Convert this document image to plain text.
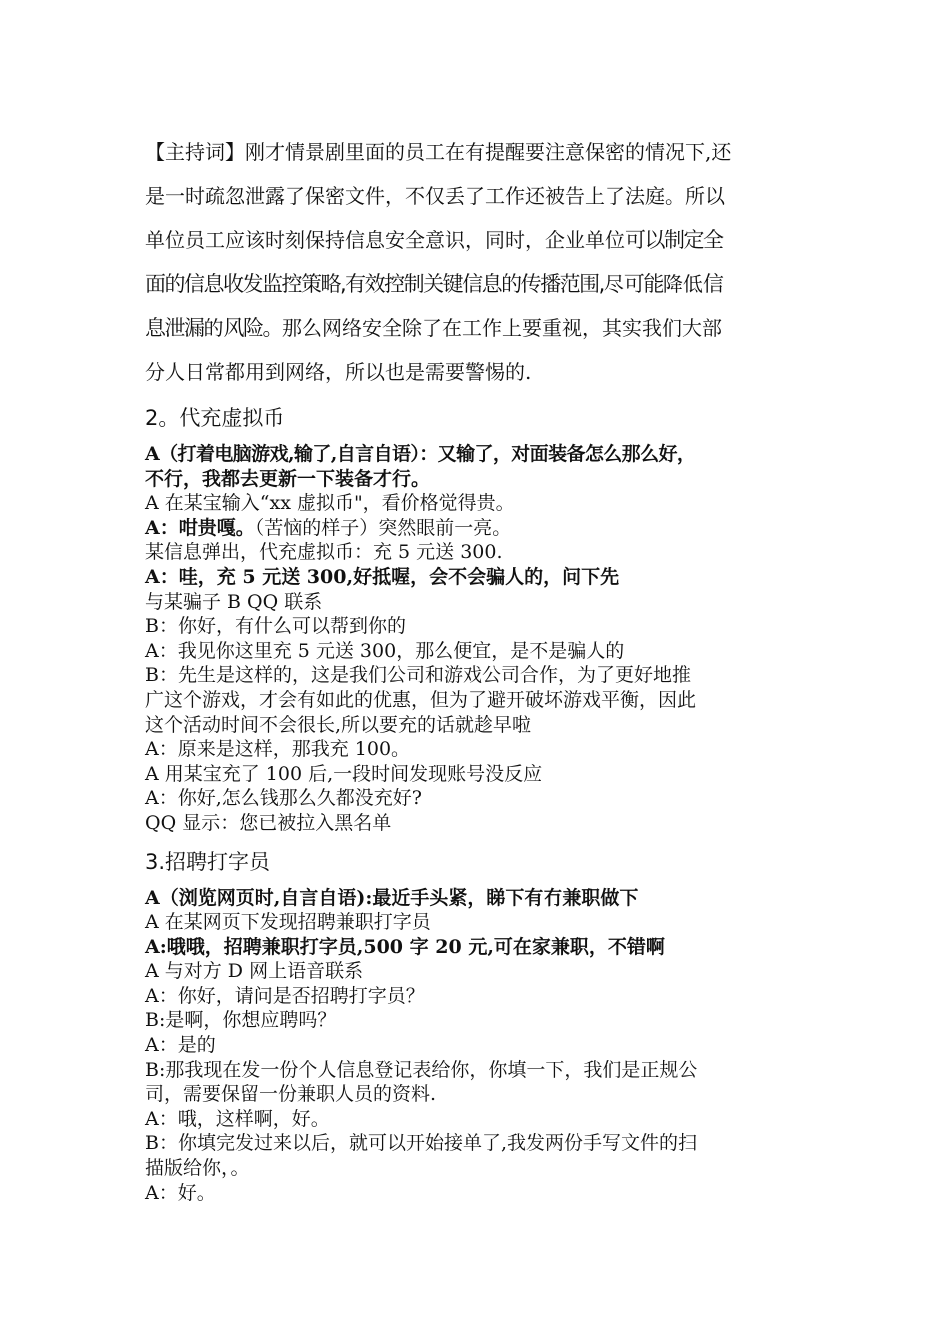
【主持词】刚才情景剧里面的员工在有提醒要注意保密的情况下,还

是一时疏忽泄露了保密文件，不仅丢了工作还被告上了法庭。所以

单位员工应该时刻保持信息安全意识，同时，企业单位可以制定全

面的信息收发监控策略,有效控制关键信息的传播范围,尽可能降低信

息泄漏的风险。那么网络安全除了在工作上要重视，其实我们大部

分人日常都用到网络，所以也是需要警惕的.

2。代充虚拟币

A（打着电脑游戏,输了,自言自语）：又输了，对面装备怎么那么好，

不行，我都去更新一下装备才行。

A 在某宝输入“xx 虚拟币"，看价格觉得贵。

A：咁贵嘎。（苦恼的样子）突然眼前一亮。

某信息弹出，代充虚拟币：充 5 元送 300.

A：哇，充 5 元送 300,好抵喔，会不会骗人的，问下先

与某骗子 B QQ 联系

B：你好，有什么可以帮到你的

A：我见你这里充 5 元送 300，那么便宜，是不是骗人的

B：先生是这样的，这是我们公司和游戏公司合作，为了更好地推

广这个游戏，才会有如此的优惠，但为了避开破坏游戏平衡，因此

这个活动时间不会很长,所以要充的话就趁早啦

A：原来是这样，那我充 100。

A 用某宝充了 100 后,一段时间发现账号没反应

A：你好,怎么钱那么久都没充好?

QQ 显示：您已被拉入黑名单

3.招聘打字员

A（浏览网页时,自言自语):最近手头紧，睇下有冇兼职做下

A 在某网页下发现招聘兼职打字员

A:哦哦，招聘兼职打字员,500 字 20 元,可在家兼职，不错啊

A 与对方 D 网上语音联系

A：你好，请问是否招聘打字员？

B:是啊，你想应聘吗？

A：是的

B:那我现在发一份个人信息登记表给你，你填一下，我们是正规公

司，需要保留一份兼职人员的资料.

A：哦，这样啊，好。

B：你填完发过来以后，就可以开始接单了,我发两份手写文件的扫

描版给你，。

A：好。
